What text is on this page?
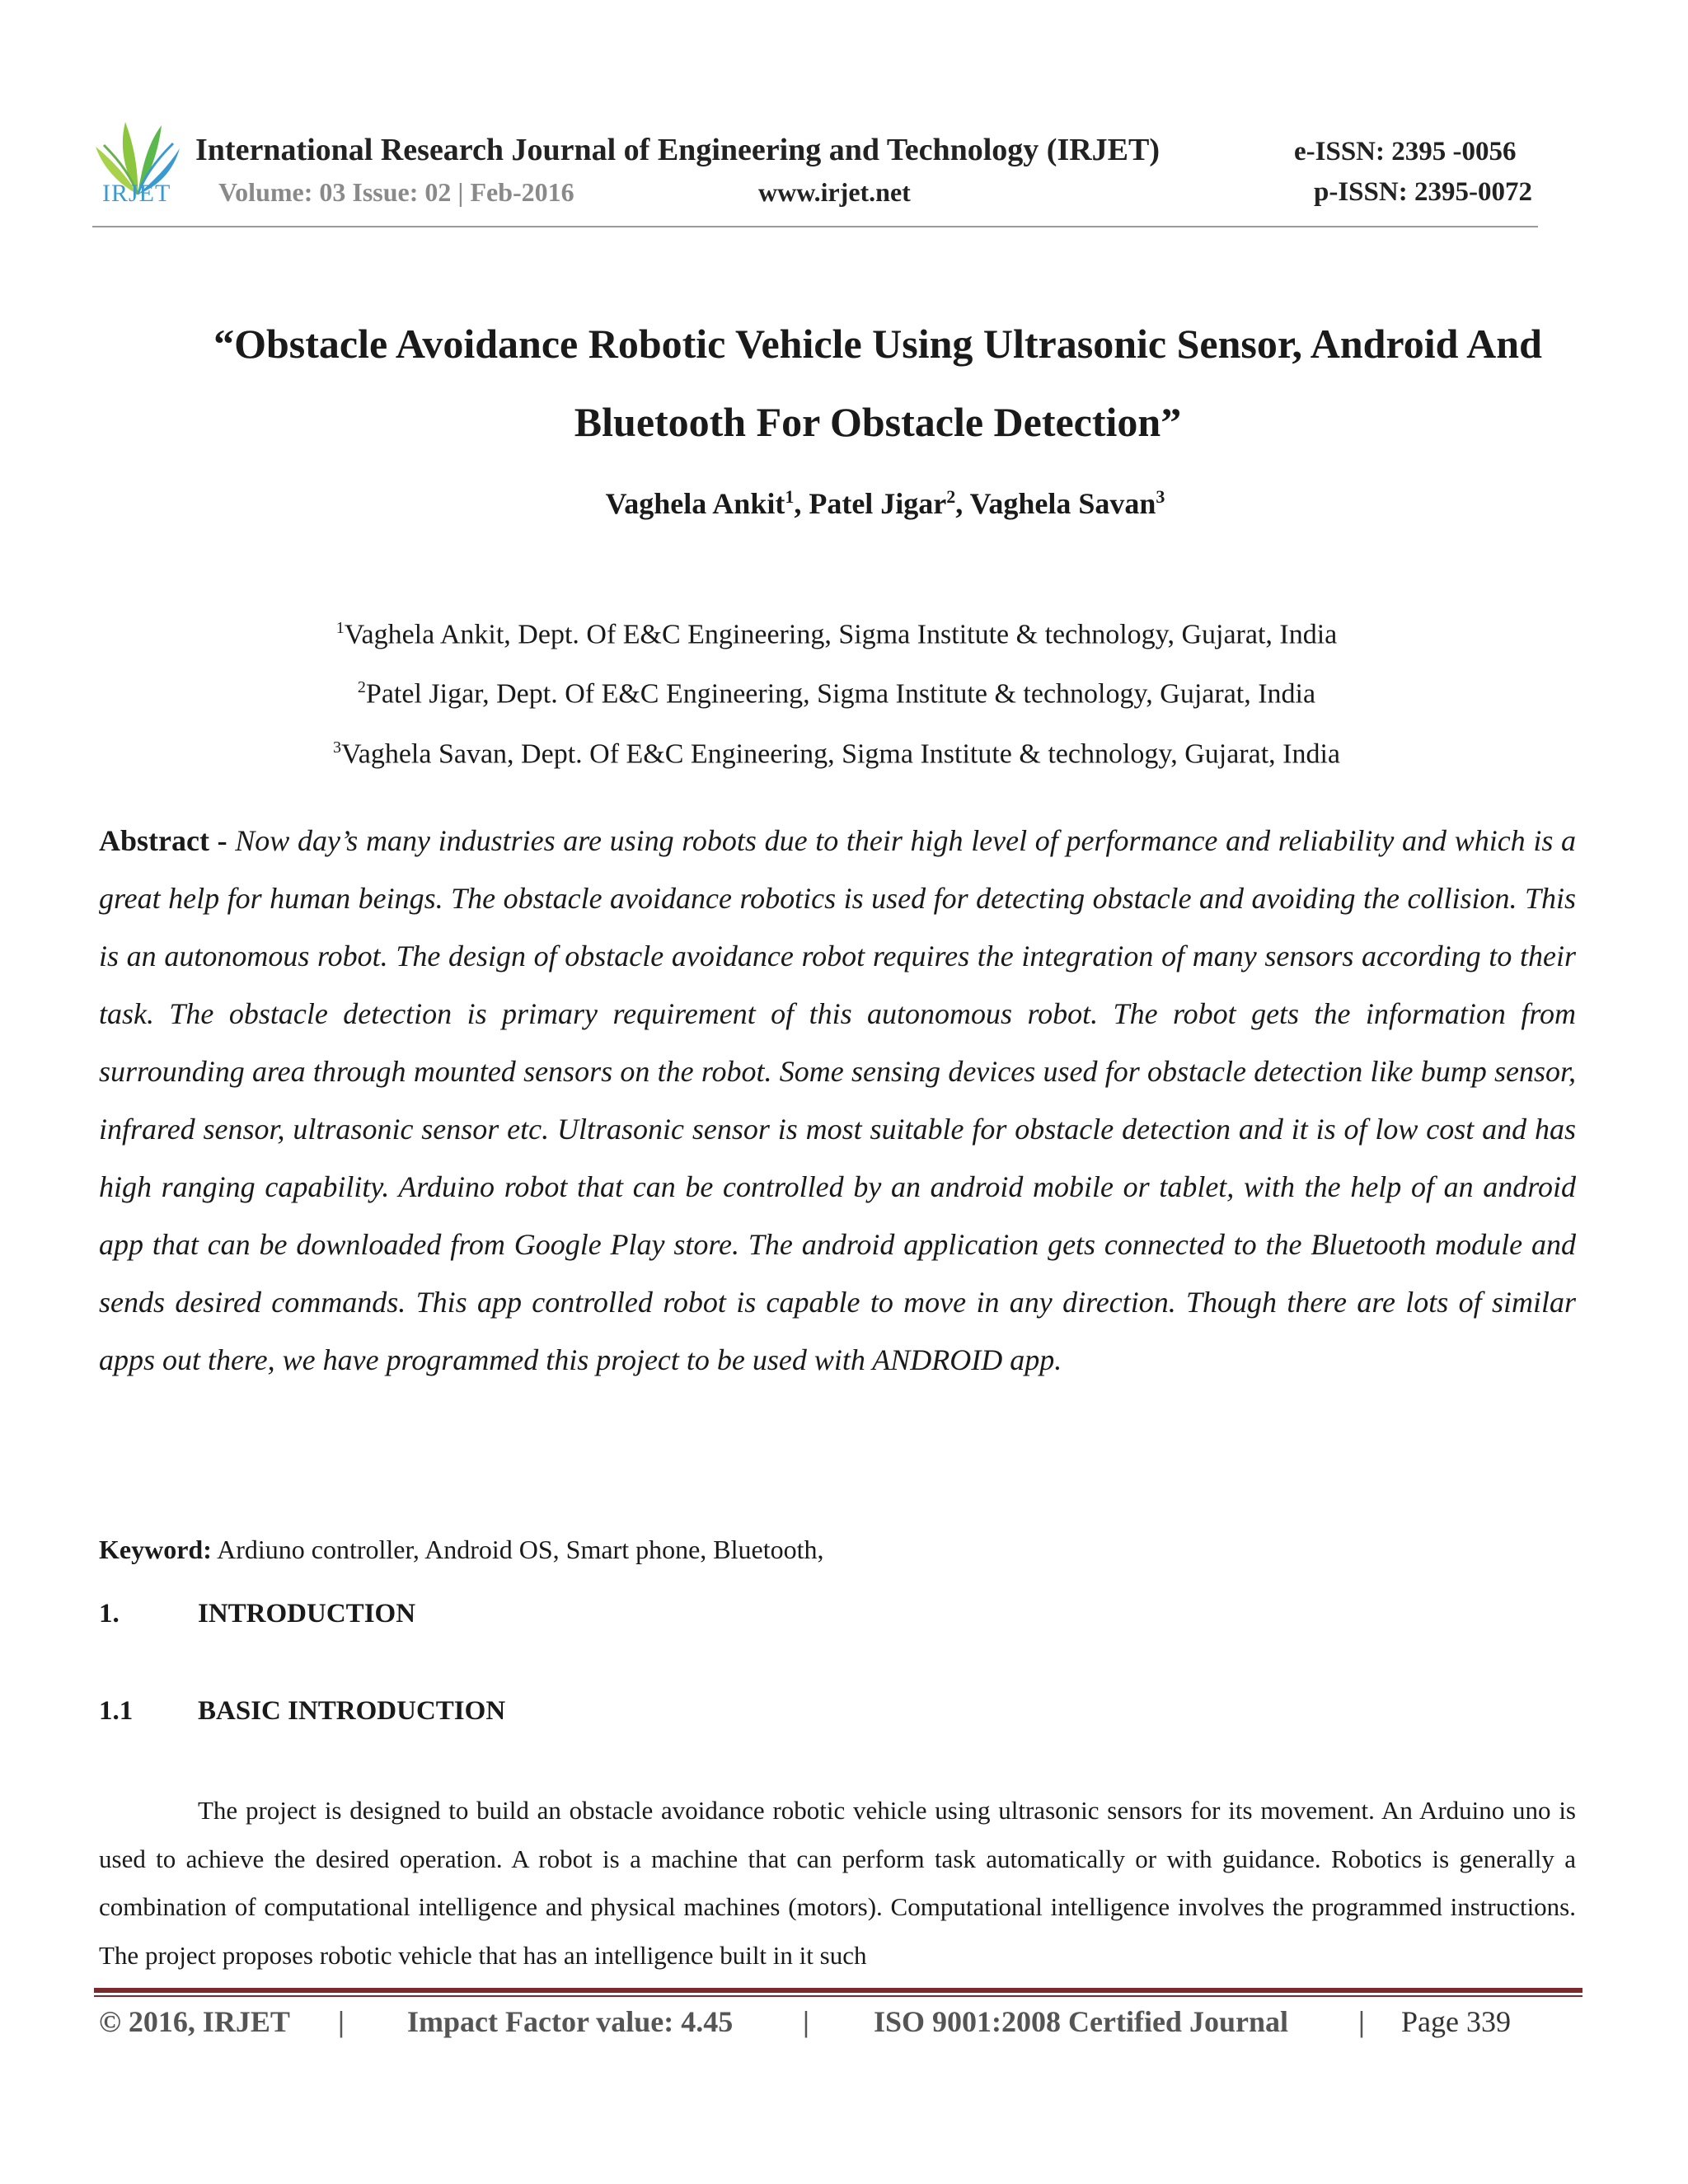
IRJET
International Research Journal of Engineering and Technology (IRJET)	e-ISSN: 2395 -0056
Volume: 03 Issue: 02 | Feb-2016	www.irjet.net	p-ISSN: 2395-0072
“Obstacle Avoidance Robotic Vehicle Using Ultrasonic Sensor, Android And
Bluetooth For Obstacle Detection”
Vaghela Ankit$^1$, Patel Jigar$^2$, Vaghela Savan$^3$
$^1$Vaghela Ankit, Dept. Of E&C Engineering, Sigma Institute & technology, Gujarat, India
$^2$Patel Jigar, Dept. Of E&C Engineering, Sigma Institute & technology, Gujarat, India
$^3$Vaghela Savan, Dept. Of E&C Engineering, Sigma Institute & technology, Gujarat, India
Abstract - Now day’s many industries are using robots due to their high level of performance and reliability and which is a great help for human beings. The obstacle avoidance robotics is used for detecting obstacle and avoiding the collision. This is an autonomous robot. The design of obstacle avoidance robot requires the integration of many sensors according to their task. The obstacle detection is primary requirement of this autonomous robot. The robot gets the information from surrounding area through mounted sensors on the robot. Some sensing devices used for obstacle detection like bump sensor, infrared sensor, ultrasonic sensor etc. Ultrasonic sensor is most suitable for obstacle detection and it is of low cost and has high ranging capability. Arduino robot that can be controlled by an android mobile or tablet, with the help of an android app that can be downloaded from Google Play store. The android application gets connected to the Bluetooth module and sends desired commands. This app controlled robot is capable to move in any direction. Though there are lots of similar apps out there, we have programmed this project to be used with ANDROID app.
Keyword: Ardiuno controller, Android OS, Smart phone, Bluetooth,
1.	INTRODUCTION
1.1 BASIC INTRODUCTION
The project is designed to build an obstacle avoidance robotic vehicle using ultrasonic sensors for its movement. An Arduino uno is used to achieve the desired operation. A robot is a machine that can perform task automatically or with guidance. Robotics is generally a combination of computational intelligence and physical machines (motors). Computational intelligence involves the programmed instructions. The project proposes robotic vehicle that has an intelligence built in it such
© 2016, IRJET | Impact Factor value: 4.45 | ISO 9001:2008 Certified Journal | Page 339
